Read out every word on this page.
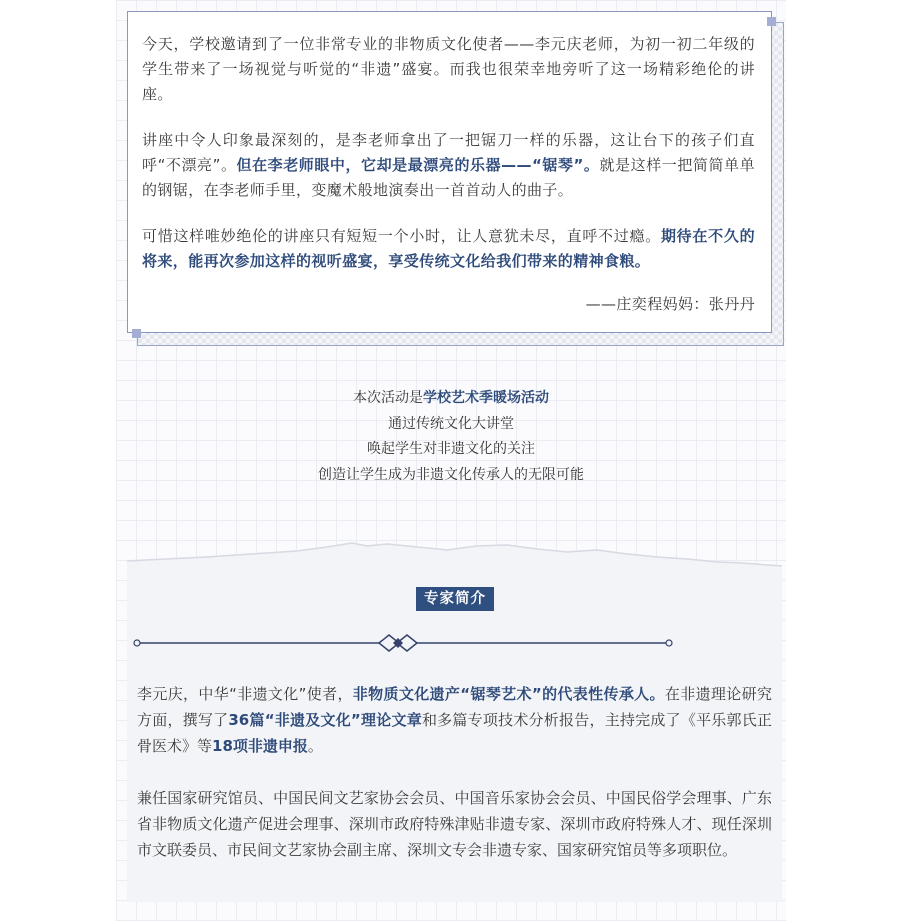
今天，学校邀请到了一位非常专业的非物质文化使者——李元庆老师，为初一初二年级的学生带来了一场视觉与听觉的“非遗”盛宴。而我也很荣幸地旁听了这一场精彩绝伦的讲座。

讲座中令人印象最深刻的，是李老师拿出了一把锯刀一样的乐器，这让台下的孩子们直呼“不漂亮”。但在李老师眼中，它却是最漂亮的乐器——“锯琴”。就是这样一把简简单单的钢锯，在李老师手里，变魔术般地演奏出一首首动人的曲子。

可惜这样唯妙绝伦的讲座只有短短一个小时，让人意犹未尽，直呼不过瘾。期待在不久的将来，能再次参加这样的视听盛宴，享受传统文化给我们带来的精神食粮。

——庄奕程妈妈：张丹丹

本次活动是学校艺术季暖场活动
通过传统文化大讲堂
唤起学生对非遗文化的关注
创造让学生成为非遗文化传承人的无限可能
专家简介

李元庆，中华“非遗文化”使者，非物质文化遗产“锯琴艺术”的代表性传承人。在非遗理论研究方面，撰写了36篇“非遗及文化”理论文章和多篇专项技术分析报告，主持完成了《平乐郭氏正骨医术》等18项非遗申报。

兼任国家研究馆员、中国民间文艺家协会会员、中国音乐家协会会员、中国民俗学会理事、广东省非物质文化遗产促进会理事、深圳市政府特殊津贴非遗专家、深圳市政府特殊人才、现任深圳市文联委员、市民间文艺家协会副主席、深圳文专会非遗专家、国家研究馆员等多项职位。
